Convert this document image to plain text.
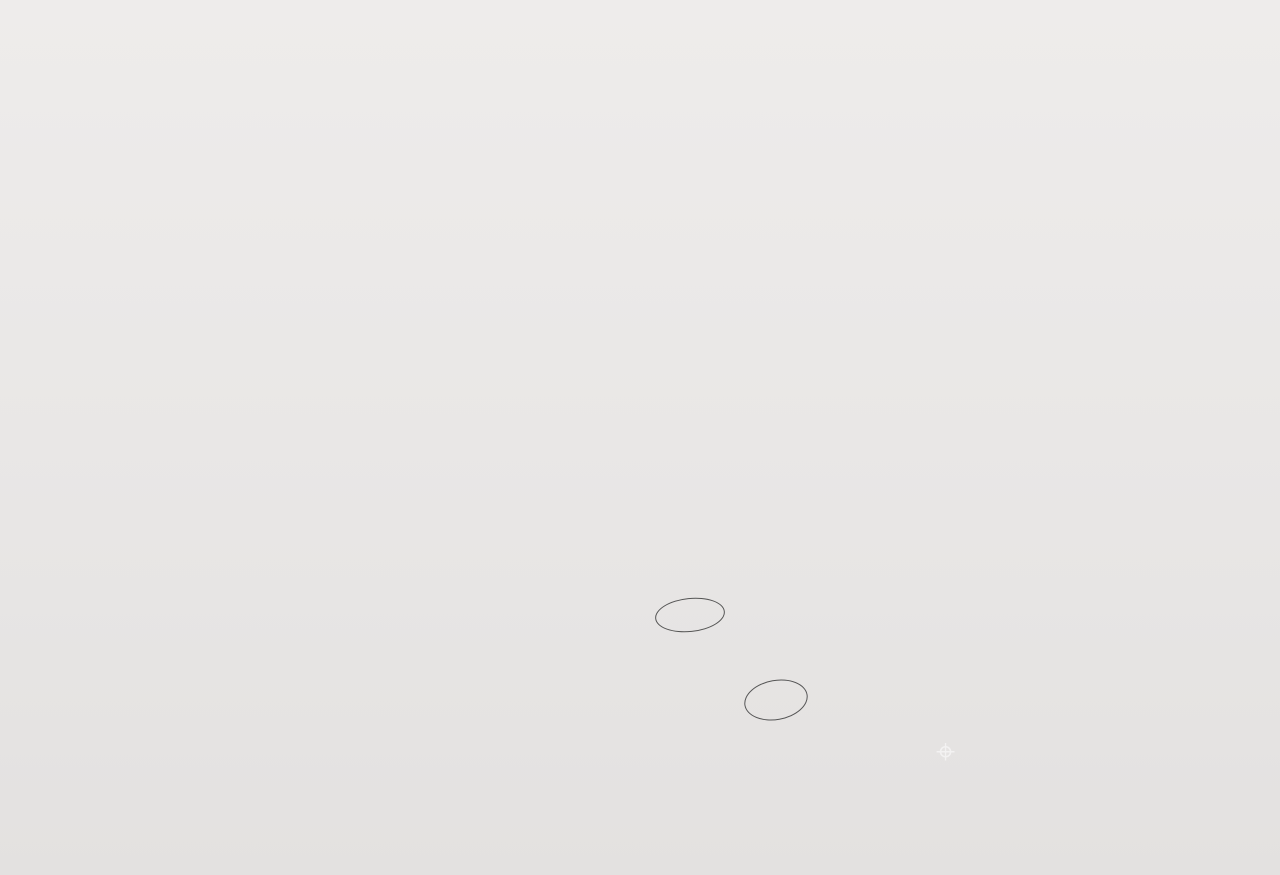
⌖
